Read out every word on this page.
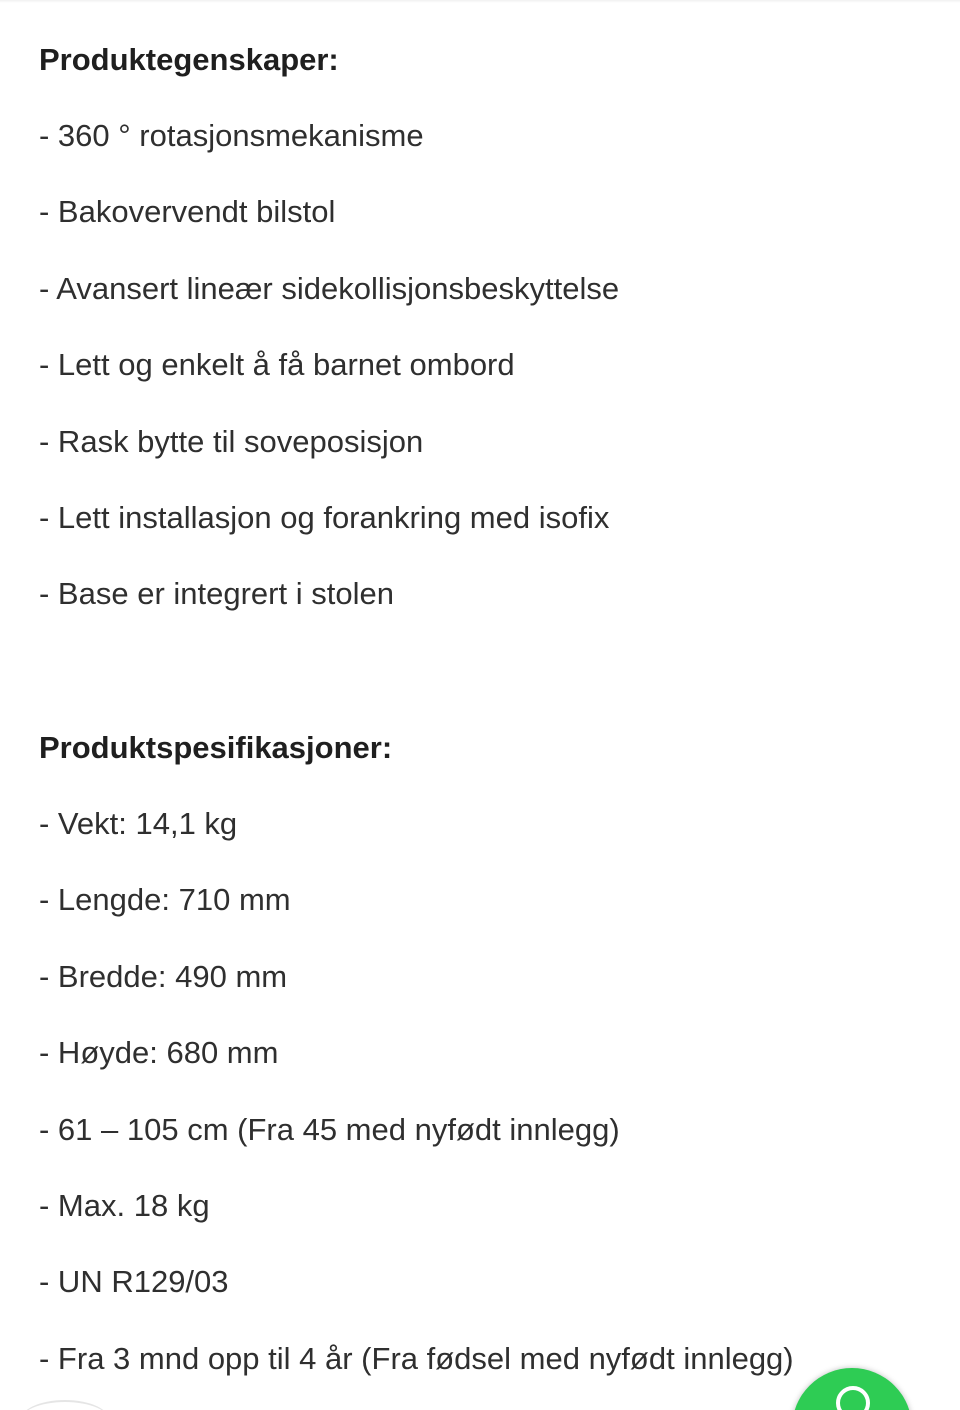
Produktegenskaper:
- 360 ° rotasjonsmekanisme
- Bakovervendt bilstol
- Avansert lineær sidekollisjonsbeskyttelse
- Lett og enkelt å få barnet ombord
- Rask bytte til soveposisjon
- Lett installasjon og forankring med isofix
- Base er integrert i stolen
Produktspesifikasjoner:
- Vekt: 14,1 kg
- Lengde: 710 mm
- Bredde: 490 mm
- Høyde: 680 mm
- 61 – 105 cm (Fra 45 med nyfødt innlegg)
- Max. 18 kg
- UN R129/03
- Fra 3 mnd opp til 4 år (Fra fødsel med nyfødt innlegg)
